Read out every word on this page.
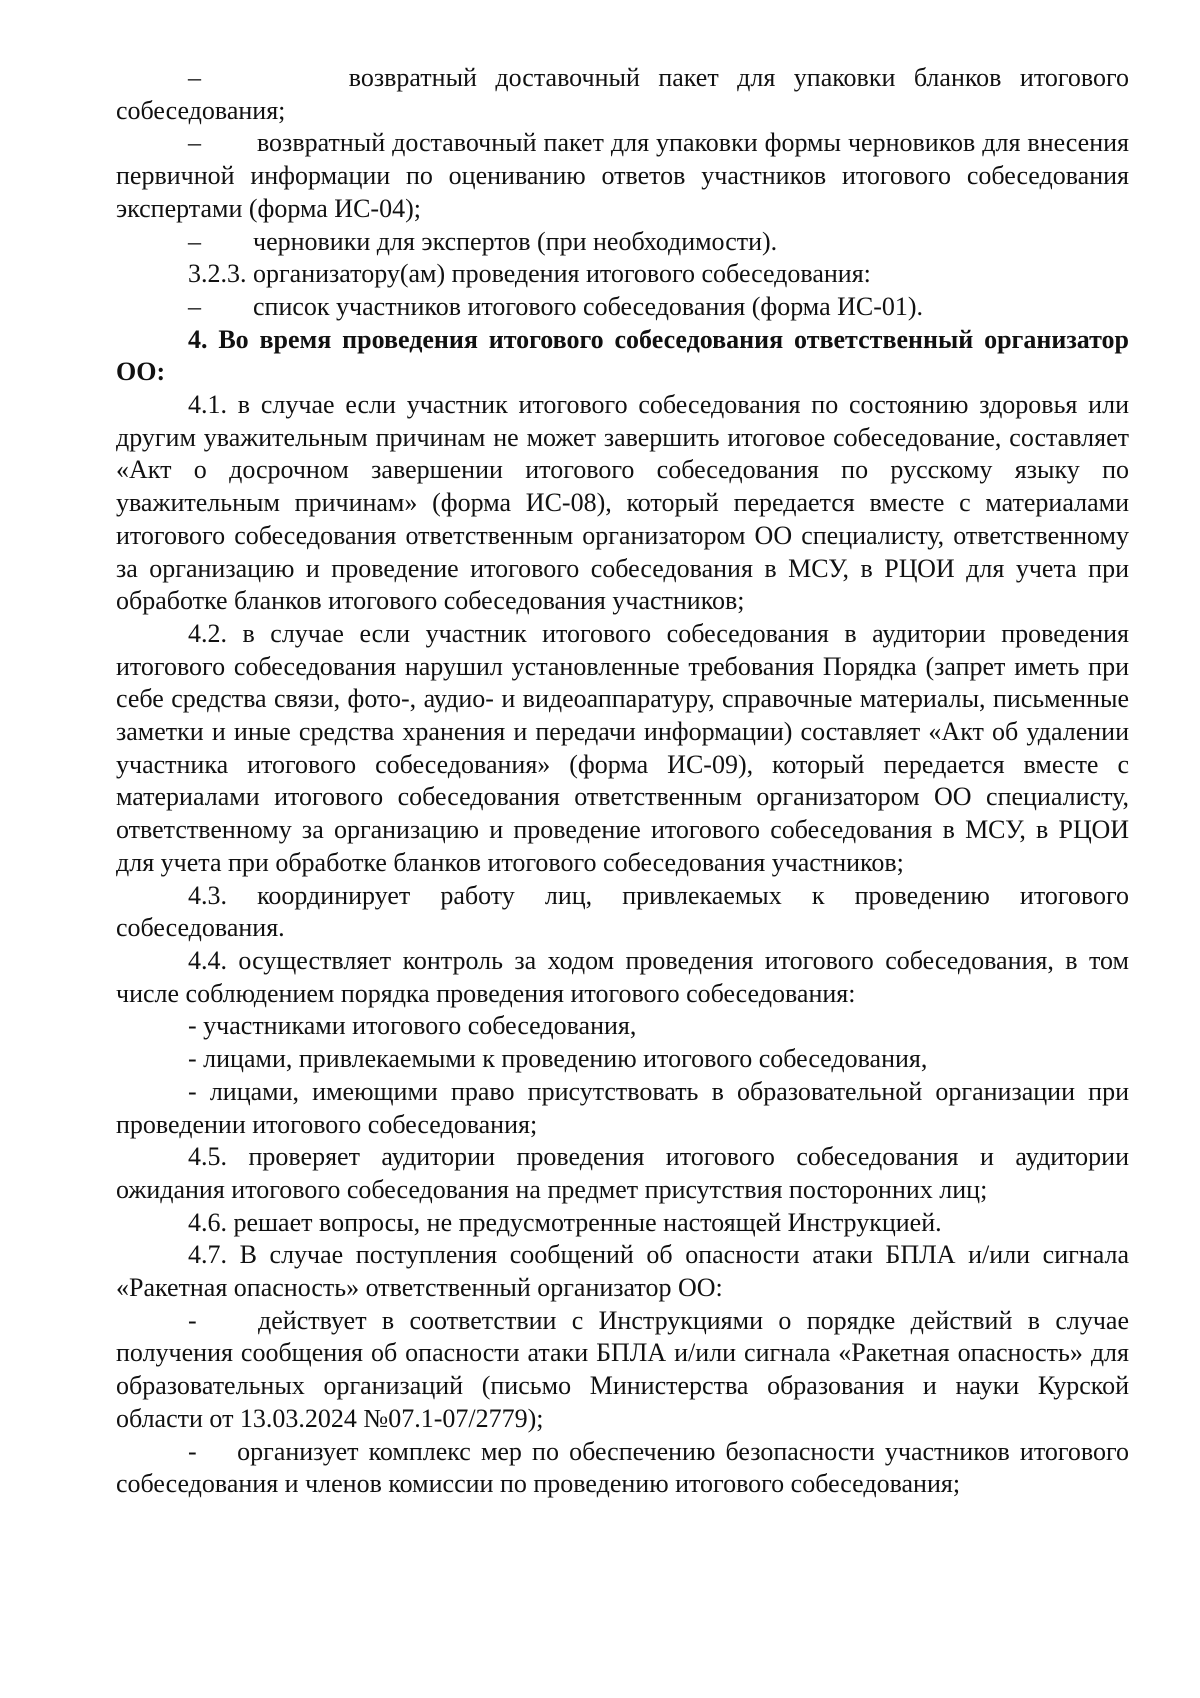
–        возвратный доставочный пакет для упаковки бланков итогового собеседования;

–        возвратный доставочный пакет для упаковки формы черновиков для внесения первичной информации по оцениванию ответов участников итогового собеседования экспертами (форма ИС-04);

–        черновики для экспертов (при необходимости).

3.2.3. организатору(ам) проведения итогового собеседования:

–        список участников итогового собеседования (форма ИС-01).

4. Во время проведения итогового собеседования ответственный организатор ОО:

4.1. в случае если участник итогового собеседования по состоянию здоровья или другим уважительным причинам не может завершить итоговое собеседование, составляет «Акт о досрочном завершении итогового собеседования по русскому языку по уважительным причинам» (форма ИС-08), который передается вместе с материалами итогового собеседования ответственным организатором ОО специалисту, ответственному за организацию и проведение итогового собеседования в МСУ, в РЦОИ для учета при обработке бланков итогового собеседования участников;

4.2. в случае если участник итогового собеседования в аудитории проведения итогового собеседования нарушил установленные требования Порядка (запрет иметь при себе средства связи, фото-, аудио- и видеоаппаратуру, справочные материалы, письменные заметки и иные средства хранения и передачи информации) составляет «Акт об удалении участника итогового собеседования» (форма ИС-09), который передается вместе с материалами итогового собеседования ответственным организатором ОО специалисту, ответственному за организацию и проведение итогового собеседования в МСУ, в РЦОИ для учета при обработке бланков итогового собеседования участников;

4.3. координирует работу лиц, привлекаемых к проведению итогового собеседования.

4.4. осуществляет контроль за ходом проведения итогового собеседования, в том числе соблюдением порядка проведения итогового собеседования:

- участниками итогового собеседования,

- лицами, привлекаемыми к проведению итогового собеседования,

- лицами, имеющими право присутствовать в образовательной организации при проведении итогового собеседования;

4.5. проверяет аудитории проведения итогового собеседования и аудитории ожидания итогового собеседования на предмет присутствия посторонних лиц;

4.6. решает вопросы, не предусмотренные настоящей Инструкцией.

4.7. В случае поступления сообщений об опасности атаки БПЛА и/или сигнала «Ракетная опасность» ответственный организатор ОО:

-    действует в соответствии с Инструкциями о порядке действий в случае получения сообщения об опасности атаки БПЛА и/или сигнала «Ракетная опасность» для образовательных организаций (письмо Министерства образования и науки Курской области от 13.03.2024 №07.1-07/2779);

-    организует комплекс мер по обеспечению безопасности участников итогового собеседования и членов комиссии по проведению итогового собеседования;
